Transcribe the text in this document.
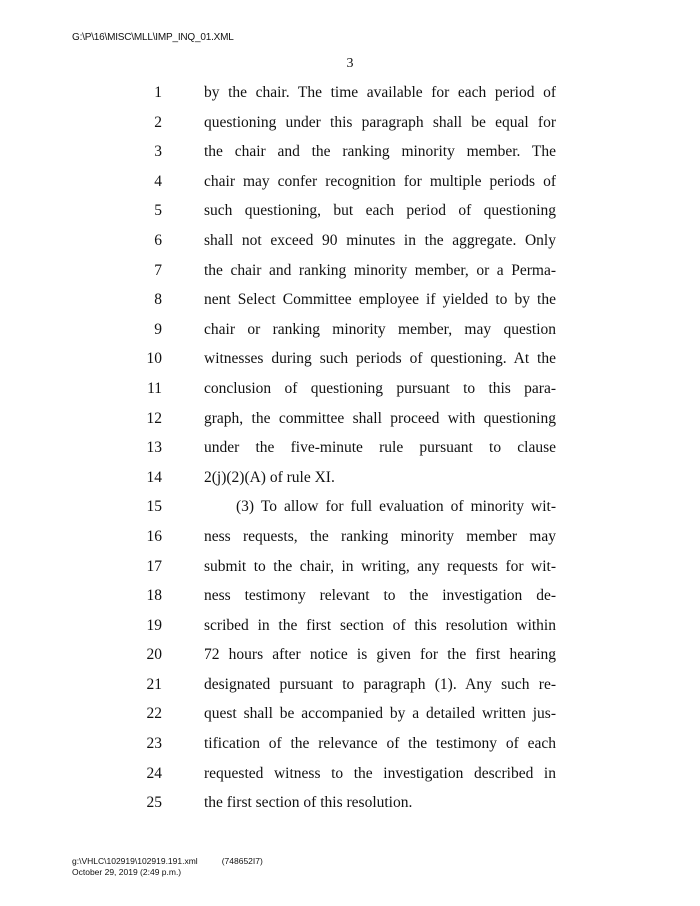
G:\P\16\MISC\MLL\IMP_INQ_01.XML
3
1	by the chair. The time available for each period of
2	questioning under this paragraph shall be equal for
3	the chair and the ranking minority member. The
4	chair may confer recognition for multiple periods of
5	such questioning, but each period of questioning
6	shall not exceed 90 minutes in the aggregate. Only
7	the chair and ranking minority member, or a Perma-
8	nent Select Committee employee if yielded to by the
9	chair or ranking minority member, may question
10	witnesses during such periods of questioning. At the
11	conclusion of questioning pursuant to this para-
12	graph, the committee shall proceed with questioning
13	under the five-minute rule pursuant to clause
14	2(j)(2)(A) of rule XI.
15	(3) To allow for full evaluation of minority wit-
16	ness requests, the ranking minority member may
17	submit to the chair, in writing, any requests for wit-
18	ness testimony relevant to the investigation de-
19	scribed in the first section of this resolution within
20	72 hours after notice is given for the first hearing
21	designated pursuant to paragraph (1). Any such re-
22	quest shall be accompanied by a detailed written jus-
23	tification of the relevance of the testimony of each
24	requested witness to the investigation described in
25	the first section of this resolution.
g:\VHLC\102919\102919.191.xml	(748652I7)
October 29, 2019 (2:49 p.m.)
